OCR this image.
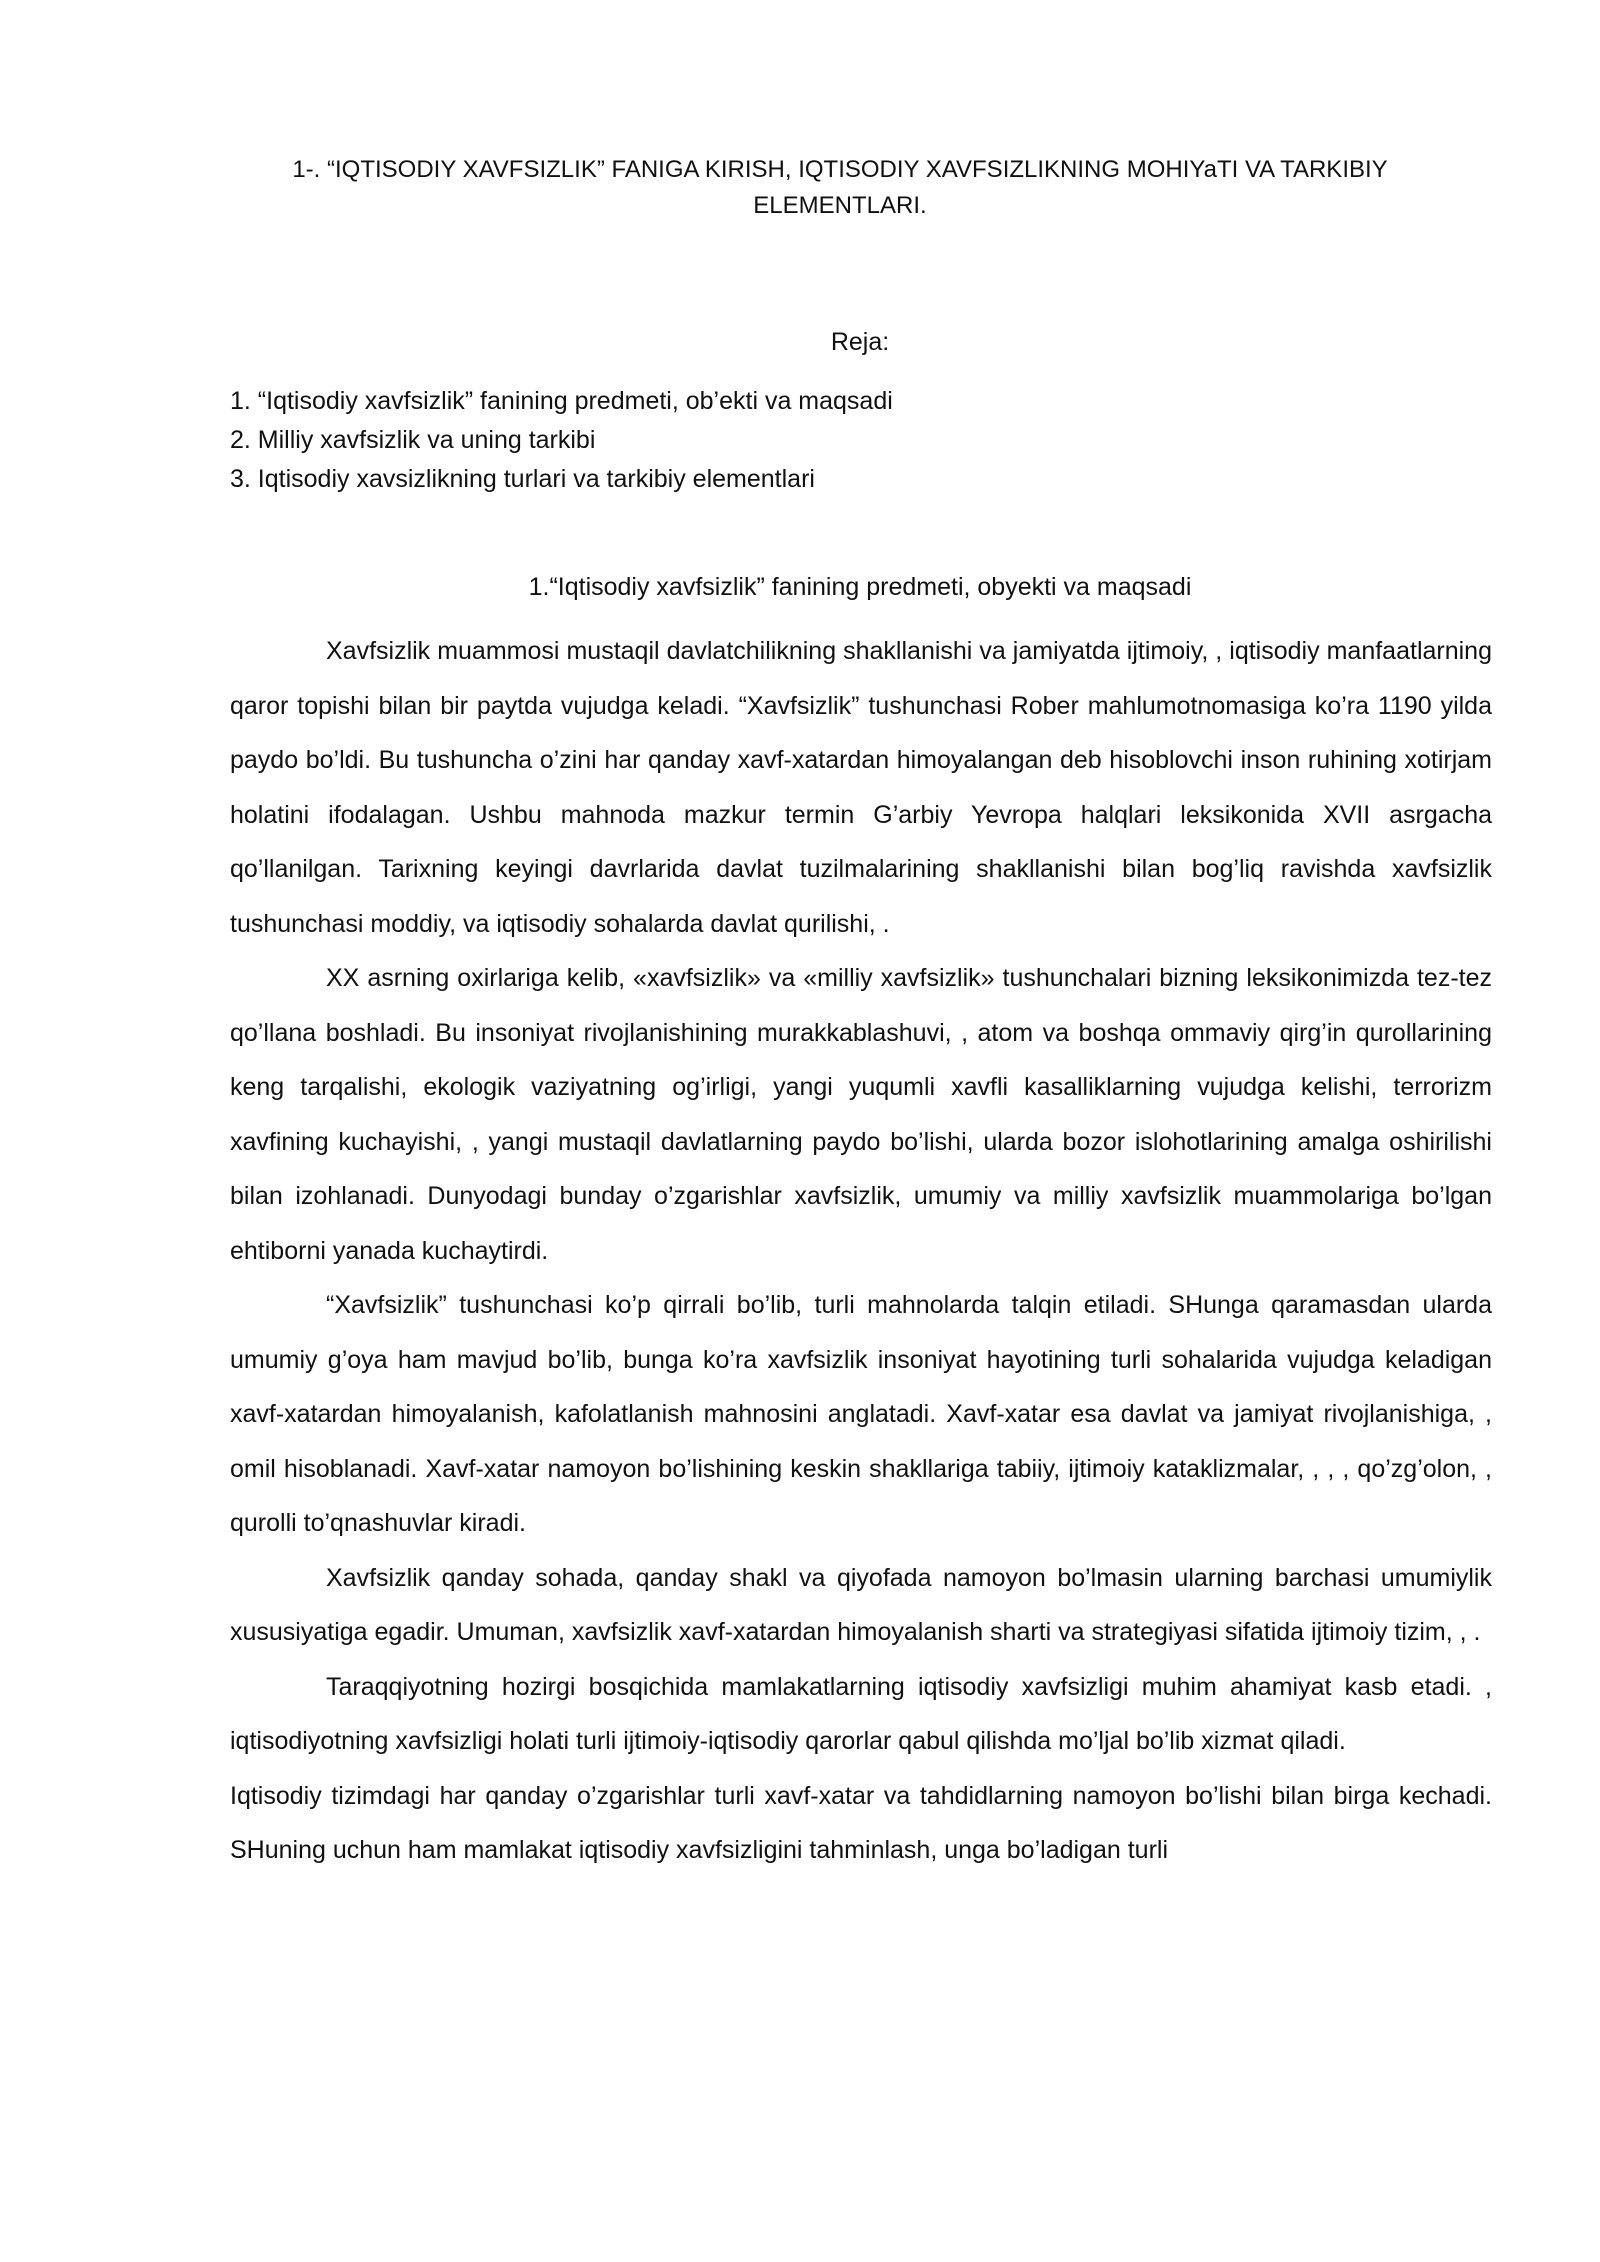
1-. “IQTISODIY XAVFSIZLIK” FANIGA KIRISH, IQTISODIY XAVFSIZLIKNING MOHIYaTI VA TARKIBIY ELEMENTLARI.
Reja:
1. “Iqtisodiy xavfsizlik” fanining predmeti, ob’ekti va maqsadi
2. Milliy xavfsizlik va uning tarkibi
3. Iqtisodiy xavsizlikning turlari va tarkibiy elementlari
1.“Iqtisodiy xavfsizlik” fanining predmeti, obyekti va maqsadi

Xavfsizlik muammosi mustaqil davlatchilikning shakllanishi va jamiyatda ijtimoiy, , iqtisodiy manfaatlarning qaror topishi bilan bir paytda vujudga keladi. “Xavfsizlik” tushunchasi Rober mahlumotnomasiga ko’ra 1190 yilda paydo bo’ldi. Bu tushuncha o’zini har qanday xavf-xatardan himoyalangan deb hisoblovchi inson ruhining xotirjam holatini ifodalagan. Ushbu mahnoda mazkur termin G’arbiy Yevropa halqlari leksikonida XVII asrgacha qo’llanilgan. Tarixning keyingi davrlarida davlat tuzilmalarining shakllanishi bilan bog’liq ravishda xavfsizlik tushunchasi moddiy, va iqtisodiy sohalarda davlat qurilishi, .

XX asrning oxirlariga kelib, «xavfsizlik» va «milliy xavfsizlik» tushunchalari bizning leksikonimizda tez-tez qo’llana boshladi. Bu insoniyat rivojlanishining murakkablashuvi, , atom va boshqa ommaviy qirg’in qurollarining keng tarqalishi, ekologik vaziyatning og’irligi, yangi yuqumli xavfli kasalliklarning vujudga kelishi, terrorizm xavfining kuchayishi, , yangi mustaqil davlatlarning paydo bo’lishi, ularda bozor islohotlarining amalga oshirilishi bilan izohlanadi. Dunyodagi bunday o’zgarishlar xavfsizlik, umumiy va milliy xavfsizlik muammolariga bo’lgan ehtiborni yanada kuchaytirdi.

“Xavfsizlik” tushunchasi ko’p qirrali bo’lib, turli mahnolarda talqin etiladi. SHunga qaramasdan ularda umumiy g’oya ham mavjud bo’lib, bunga ko’ra xavfsizlik insoniyat hayotining turli sohalarida vujudga keladigan xavf-xatardan himoyalanish, kafolatlanish mahnosini anglatadi. Xavf-xatar esa davlat va jamiyat rivojlanishiga, , omil hisoblanadi. Xavf-xatar namoyon bo’lishining keskin shakllariga tabiiy, ijtimoiy kataklizmalar, , , , qo’zg’olon, , qurolli to’qnashuvlar kiradi.

Xavfsizlik qanday sohada, qanday shakl va qiyofada namoyon bo’lmasin ularning barchasi umumiylik xususiyatiga egadir. Umuman, xavfsizlik xavf-xatardan himoyalanish sharti va strategiyasi sifatida ijtimoiy tizim, , .

Taraqqiyotning hozirgi bosqichida mamlakatlarning iqtisodiy xavfsizligi muhim ahamiyat kasb etadi. , iqtisodiyotning xavfsizligi holati turli ijtimoiy-iqtisodiy qarorlar qabul qilishda mo’ljal bo’lib xizmat qiladi.

Iqtisodiy tizimdagi har qanday o’zgarishlar turli xavf-xatar va tahdidlarning namoyon bo’lishi bilan birga kechadi. SHuning uchun ham mamlakat iqtisodiy xavfsizligini tahminlash, unga bo’ladigan turli
